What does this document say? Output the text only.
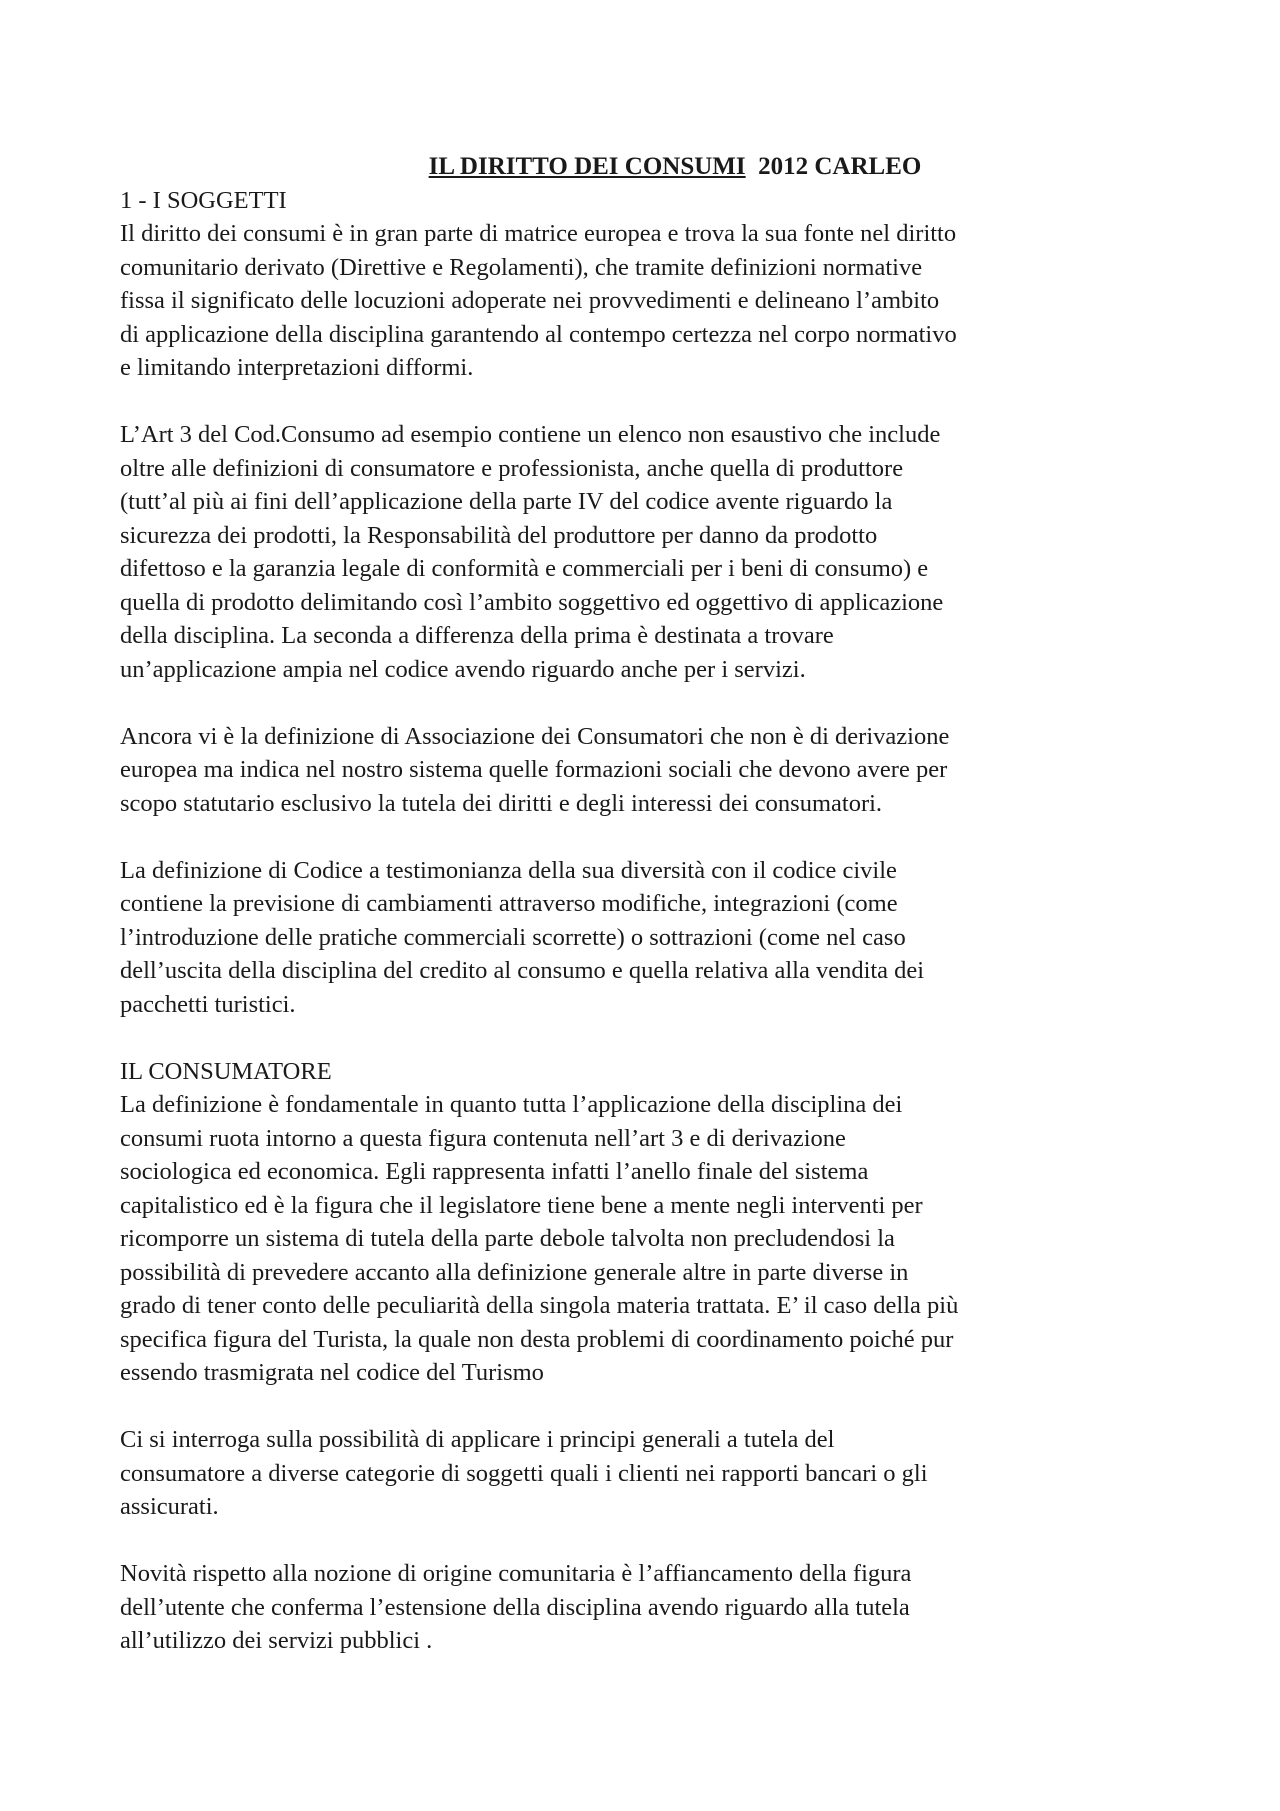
IL DIRITTO DEI CONSUMI 2012 CARLEO
1 - I SOGGETTI

Il diritto dei consumi è in gran parte di matrice europea e trova la sua fonte nel diritto
comunitario derivato (Direttive e Regolamenti), che tramite definizioni normative
fissa il significato delle locuzioni adoperate nei provvedimenti e delineano l’ambito
di applicazione della disciplina garantendo al contempo certezza nel corpo normativo
e limitando interpretazioni difformi.

L’Art 3 del Cod.Consumo ad esempio contiene un elenco non esaustivo che include
oltre alle definizioni di consumatore e professionista, anche quella di produttore
(tutt’al più ai fini dell’applicazione della parte IV del codice avente riguardo la
sicurezza dei prodotti, la Responsabilità del produttore per danno da prodotto
difettoso e la garanzia legale di conformità e commerciali per i beni di consumo) e
quella di prodotto delimitando così l’ambito soggettivo ed oggettivo di applicazione
della disciplina. La seconda a differenza della prima è destinata a trovare
un’applicazione ampia nel codice avendo riguardo anche per i servizi.

Ancora vi è la definizione di Associazione dei Consumatori che non è di derivazione
europea ma indica nel nostro sistema quelle formazioni sociali che devono avere per
scopo statutario esclusivo la tutela dei diritti e degli interessi dei consumatori.

La definizione di Codice a testimonianza della sua diversità con il codice civile
contiene la previsione di cambiamenti attraverso modifiche, integrazioni (come
l’introduzione delle pratiche commerciali scorrette) o sottrazioni (come nel caso
dell’uscita della disciplina del credito al consumo e quella relativa alla vendita dei
pacchetti turistici.

IL CONSUMATORE

La definizione è fondamentale in quanto tutta l’applicazione della disciplina dei
consumi ruota intorno a questa figura contenuta nell’art 3 e di derivazione
sociologica ed economica. Egli rappresenta infatti l’anello finale del sistema
capitalistico ed è la figura che il legislatore tiene bene a mente negli interventi per
ricomporre un sistema di tutela della parte debole talvolta non precludendosi la
possibilità di prevedere accanto alla definizione generale altre in parte diverse in
grado di tener conto delle peculiarità della singola materia trattata. E’ il caso della più
specifica figura del Turista, la quale non desta problemi di coordinamento poiché pur
essendo trasmigrata nel codice del Turismo

Ci si interroga sulla possibilità di applicare i principi generali a tutela del
consumatore a diverse categorie di soggetti quali i clienti nei rapporti bancari o gli
assicurati.

Novità rispetto alla nozione di origine comunitaria è l’affiancamento della figura
dell’utente che conferma l’estensione della disciplina avendo riguardo alla tutela
all’utilizzo dei servizi pubblici .
